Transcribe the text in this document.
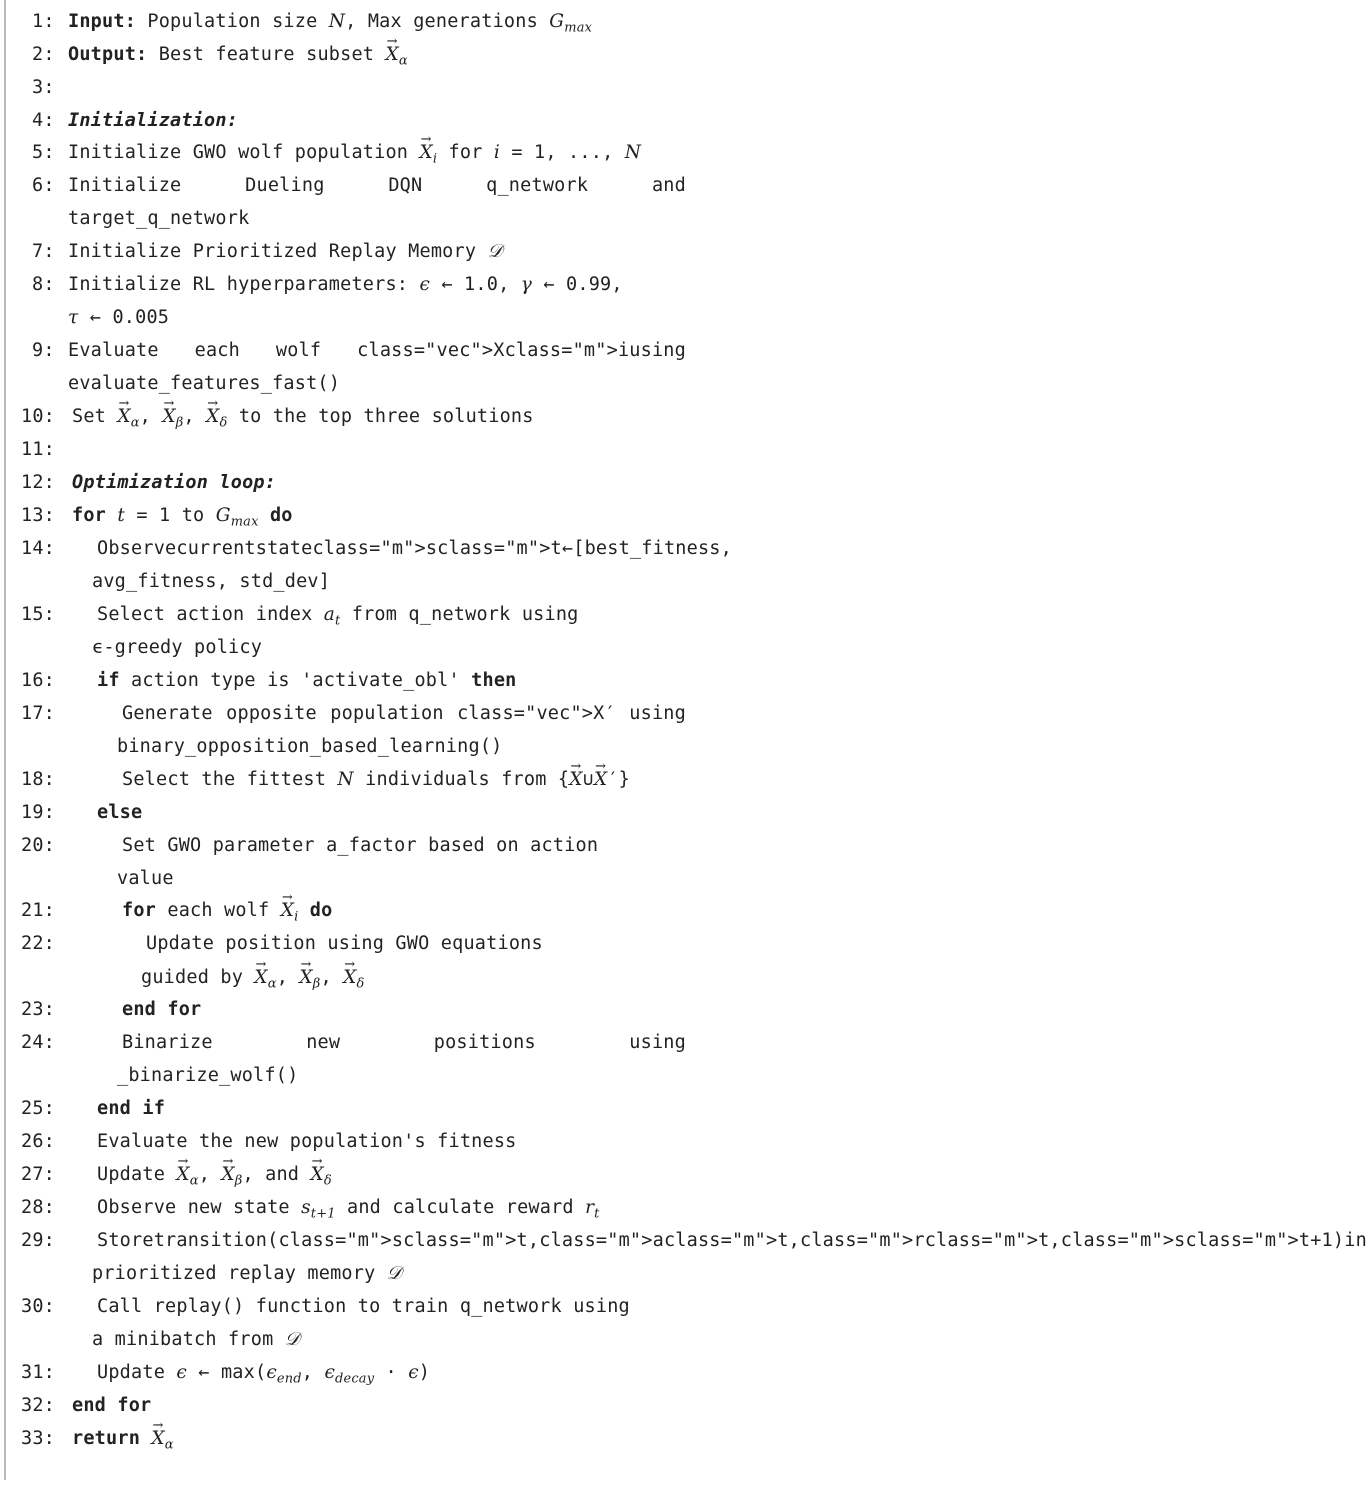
1: Input: Population size N, Max generations $G_{max}$
2: Output: Best feature subset → $X_\alpha$
3:
4: Initialization:
5: Initialize GWO wolf population → $X_i$ for i = 1, ..., N
6: Initialize	Dueling	DQN	q_network	and
target_q_network
7: Initialize Prioritized Replay Memory 𝒟
8: Initialize RL hyperparameters: ϵ ← 1.0, γ ← 0.99,
τ ← 0.005
9: Evaluate each wolf class="vec">Xclass="m">iusing
evaluate_features_fast()
10: Set → $X_\alpha$, → $X_\beta$, → $X_\delta$ to the top three solutions
11:
12: Optimization loop:
13: for t = 1 to $G_{max}$ do
14: Observe current state class="m">sclass="m">t←[best_fitness,
avg_fitness, std_dev]
15: Select action index $a_t$ from q_network using
ϵ-greedy policy
16: if action type is 'activate_obl' then
17:	Generate opposite population class="vec">X′ using
binary_opposition_based_learning()
18:	Select the fittest N individuals from {→ X∪→ X′}
19: else
20:	Set GWO parameter a_factor based on action
value
21:	for each wolf → $X_i$ do
22:	Update position using GWO equations
guided by → $X_\alpha$, → $X_\beta$, → $X_\delta$
23:	end for
24:	Binarize	new	positions	using
_binarize_wolf()
25: end if
26: Evaluate the new population's fitness
27: Update → $X_\alpha$, → $X_\beta$, and → $X_\delta$
28: Observe new state $s_{t+1}$ and calculate reward $r_t$
29: Store transition (class="m">sclass="m">t,class="m">aclass="m">t,class="m">rclass="m">t,class="m">sclass="m">t+1)in
prioritized replay memory 𝒟
30: Call replay() function to train q_network using
a minibatch from 𝒟
31: Update ϵ ← $\max(\epsilon_{end}$, $\epsilon_{decay} \cdot \epsilon$)
32: end for
33: return → $X_\alpha$
